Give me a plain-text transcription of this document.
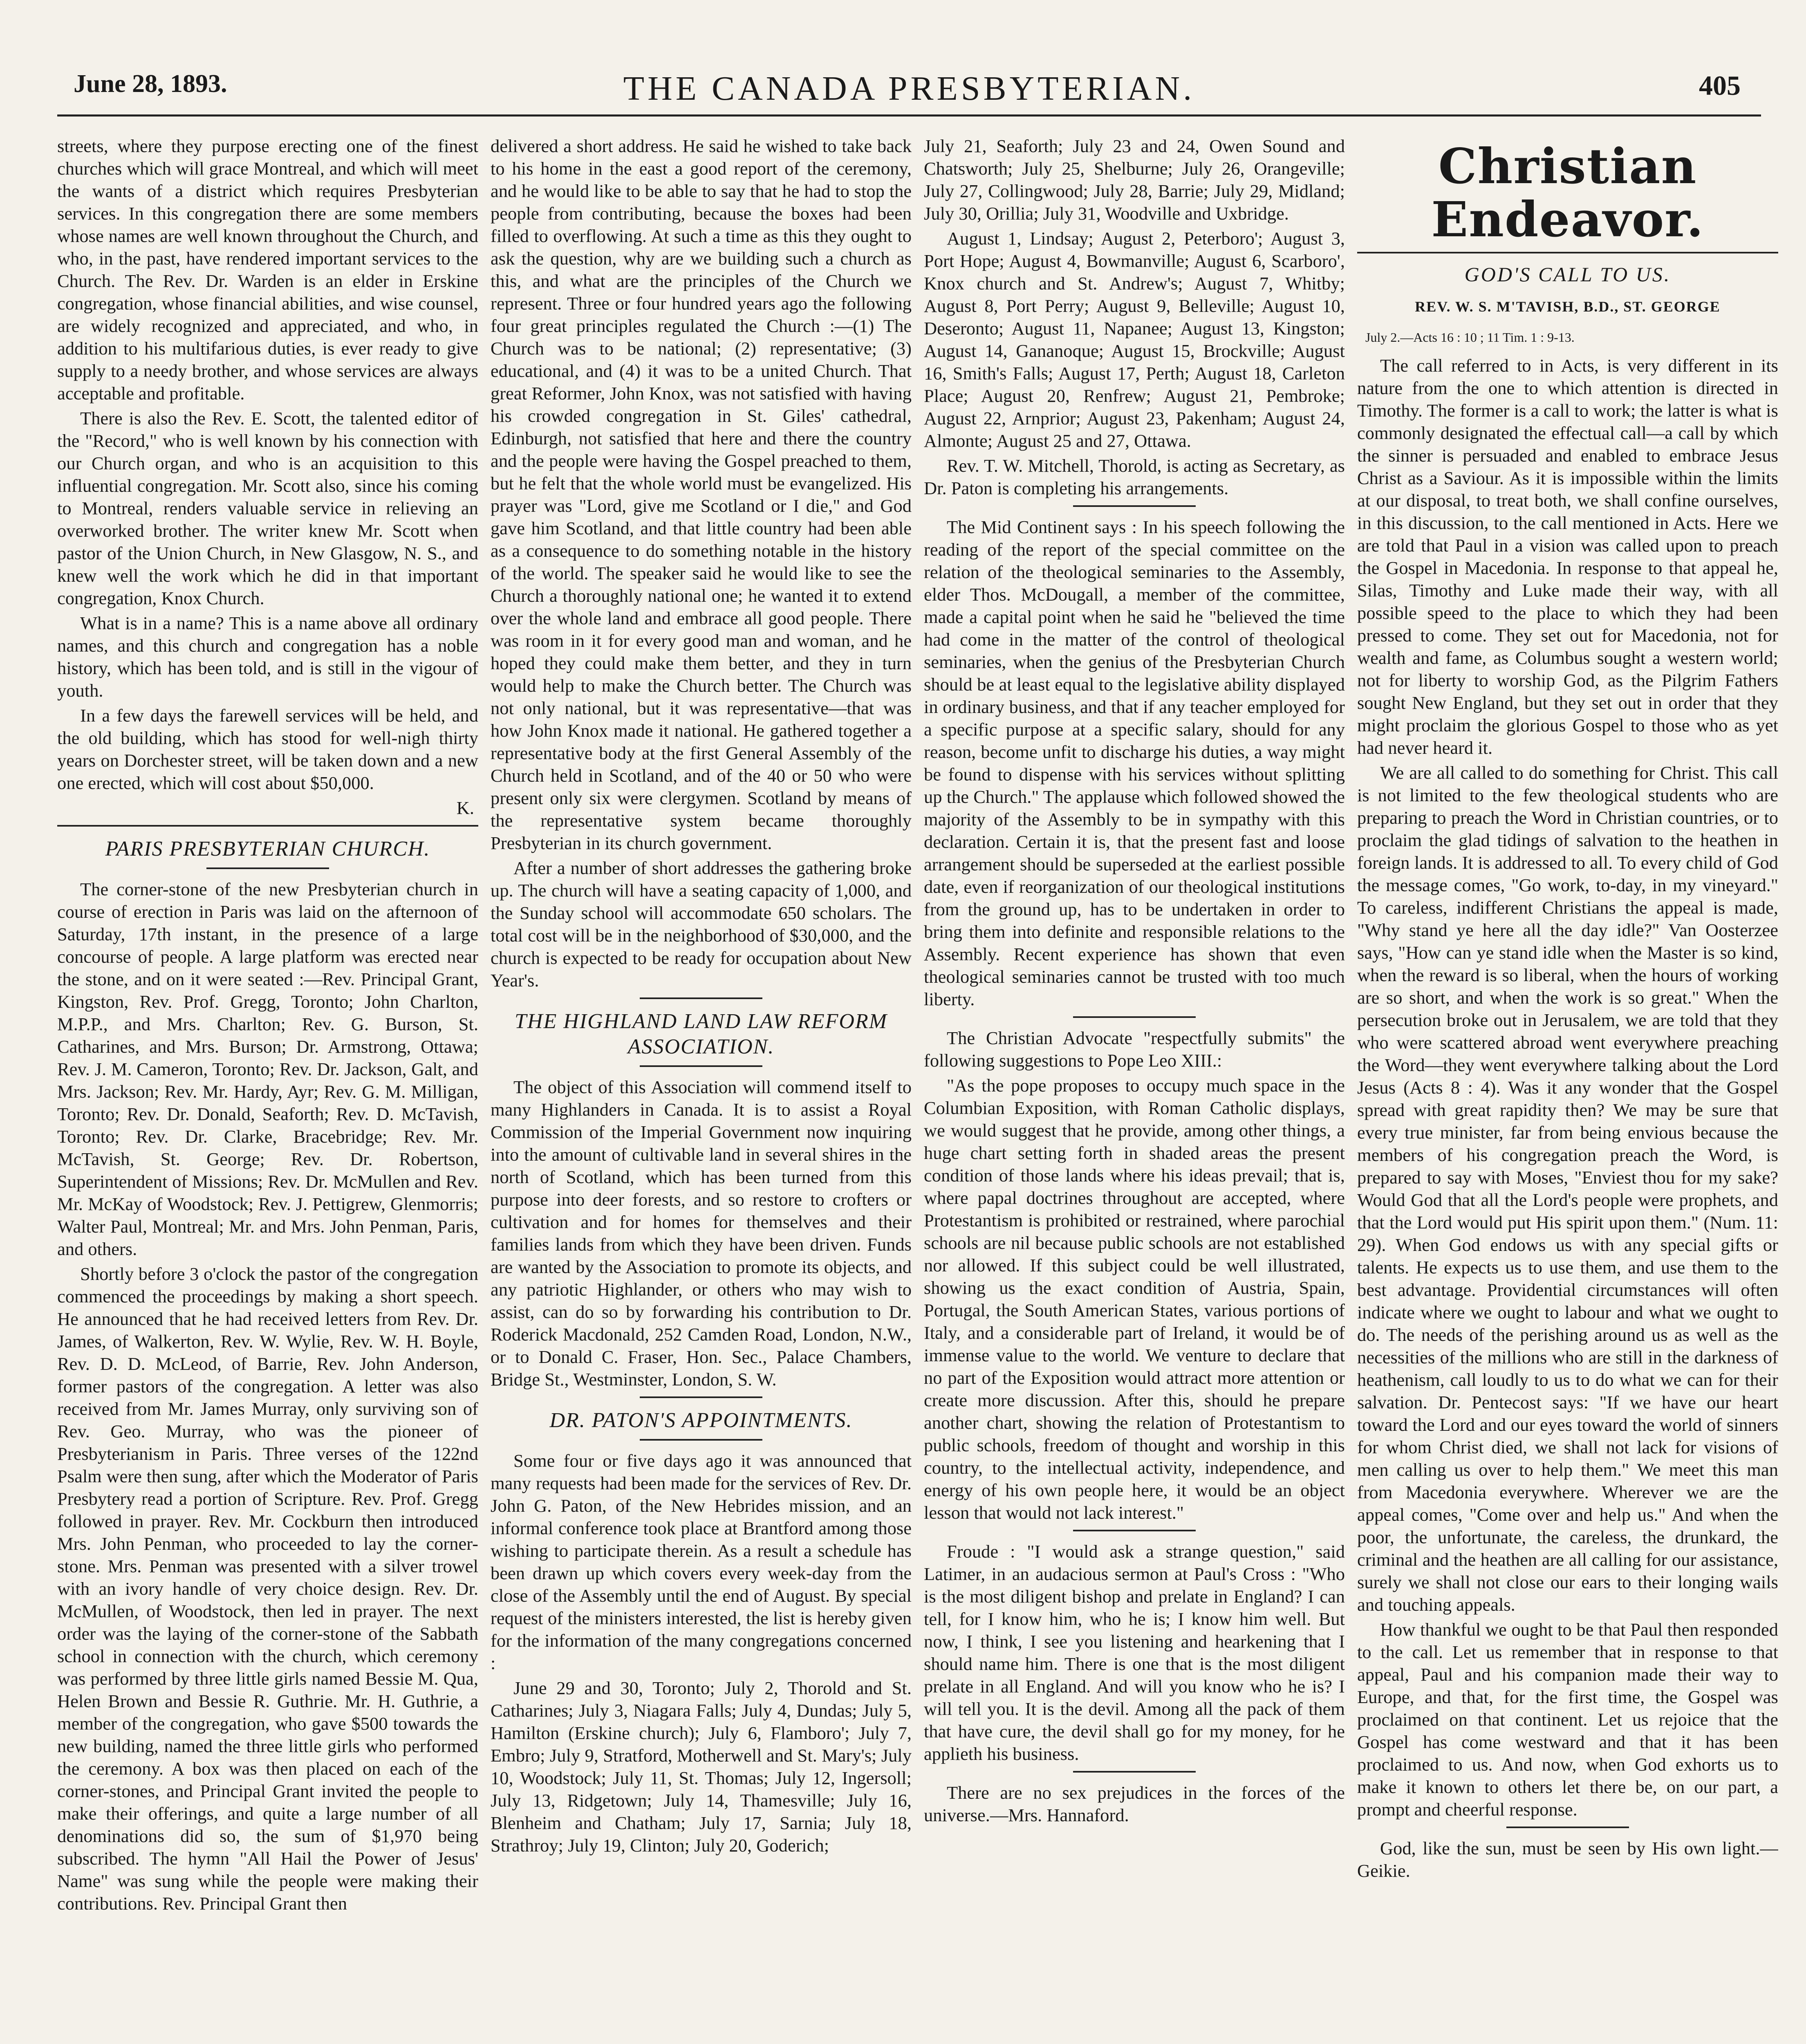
June 28, 1893.	THE CANADA PRESBYTERIAN.	405

streets, where they purpose erecting one of the finest churches which will grace Montreal, and which will meet the wants of a district which requires Presbyterian services. In this congregation there are some members whose names are well known throughout the Church, and who, in the past, have rendered important services to the Church. The Rev. Dr. Warden is an elder in Erskine congregation, whose financial abilities, and wise counsel, are widely recognized and appreciated, and who, in addition to his multifarious duties, is ever ready to give supply to a needy brother, and whose services are always acceptable and profitable.

There is also the Rev. E. Scott, the talented editor of the "Record," who is well known by his connection with our Church organ, and who is an acquisition to this influential congregation. Mr. Scott also, since his coming to Montreal, renders valuable service in relieving an overworked brother. The writer knew Mr. Scott when pastor of the Union Church, in New Glasgow, N. S., and knew well the work which he did in that important congregation, Knox Church.

What is in a name? This is a name above all ordinary names, and this church and congregation has a noble history, which has been told, and is still in the vigour of youth.

In a few days the farewell services will be held, and the old building, which has stood for well-nigh thirty years on Dorchester street, will be taken down and a new one erected, which will cost about $50,000.

K.
PARIS PRESBYTERIAN CHURCH.

The corner-stone of the new Presbyterian church in course of erection in Paris was laid on the afternoon of Saturday, 17th instant, in the presence of a large concourse of people. A large platform was erected near the stone, and on it were seated :—Rev. Principal Grant, Kingston, Rev. Prof. Gregg, Toronto; John Charlton, M.P.P., and Mrs. Charlton; Rev. G. Burson, St. Catharines, and Mrs. Burson; Dr. Armstrong, Ottawa; Rev. J. M. Cameron, Toronto; Rev. Dr. Jackson, Galt, and Mrs. Jackson; Rev. Mr. Hardy, Ayr; Rev. G. M. Milligan, Toronto; Rev. Dr. Donald, Seaforth; Rev. D. McTavish, Toronto; Rev. Dr. Clarke, Bracebridge; Rev. Mr. McTavish, St. George; Rev. Dr. Robertson, Superintendent of Missions; Rev. Dr. McMullen and Rev. Mr. McKay of Woodstock; Rev. J. Pettigrew, Glenmorris; Walter Paul, Montreal; Mr. and Mrs. John Penman, Paris, and others.

Shortly before 3 o'clock the pastor of the congregation commenced the proceedings by making a short speech. He announced that he had received letters from Rev. Dr. James, of Walkerton, Rev. W. Wylie, Rev. W. H. Boyle, Rev. D. D. McLeod, of Barrie, Rev. John Anderson, former pastors of the congregation. A letter was also received from Mr. James Murray, only surviving son of Rev. Geo. Murray, who was the pioneer of Presbyterianism in Paris. Three verses of the 122nd Psalm were then sung, after which the Moderator of Paris Presbytery read a portion of Scripture. Rev. Prof. Gregg followed in prayer. Rev. Mr. Cockburn then introduced Mrs. John Penman, who proceeded to lay the corner-stone. Mrs. Penman was presented with a silver trowel with an ivory handle of very choice design. Rev. Dr. McMullen, of Woodstock, then led in prayer. The next order was the laying of the corner-stone of the Sabbath school in connection with the church, which ceremony was performed by three little girls named Bessie M. Qua, Helen Brown and Bessie R. Guthrie. Mr. H. Guthrie, a member of the congregation, who gave $500 towards the new building, named the three little girls who performed the ceremony. A box was then placed on each of the corner-stones, and Principal Grant invited the people to make their offerings, and quite a large number of all denominations did so, the sum of $1,970 being subscribed. The hymn "All Hail the Power of Jesus' Name" was sung while the people were making their contributions. Rev. Principal Grant then

delivered a short address. He said he wished to take back to his home in the east a good report of the ceremony, and he would like to be able to say that he had to stop the people from contributing, because the boxes had been filled to overflowing. At such a time as this they ought to ask the question, why are we building such a church as this, and what are the principles of the Church we represent. Three or four hundred years ago the following four great principles regulated the Church :—(1) The Church was to be national; (2) representative; (3) educational, and (4) it was to be a united Church. That great Reformer, John Knox, was not satisfied with having his crowded congregation in St. Giles' cathedral, Edinburgh, not satisfied that here and there the country and the people were having the Gospel preached to them, but he felt that the whole world must be evangelized. His prayer was "Lord, give me Scotland or I die," and God gave him Scotland, and that little country had been able as a consequence to do something notable in the history of the world. The speaker said he would like to see the Church a thoroughly national one; he wanted it to extend over the whole land and embrace all good people. There was room in it for every good man and woman, and he hoped they could make them better, and they in turn would help to make the Church better. The Church was not only national, but it was representative—that was how John Knox made it national. He gathered together a representative body at the first General Assembly of the Church held in Scotland, and of the 40 or 50 who were present only six were clergymen. Scotland by means of the representative system became thoroughly Presbyterian in its church government.

After a number of short addresses the gathering broke up. The church will have a seating capacity of 1,000, and the Sunday school will accommodate 650 scholars. The total cost will be in the neighborhood of $30,000, and the church is expected to be ready for occupation about New Year's.

THE HIGHLAND LAND LAW REFORM ASSOCIATION.

The object of this Association will commend itself to many Highlanders in Canada. It is to assist a Royal Commission of the Imperial Government now inquiring into the amount of cultivable land in several shires in the north of Scotland, which has been turned from this purpose into deer forests, and so restore to crofters or cultivation and for homes for themselves and their families lands from which they have been driven. Funds are wanted by the Association to promote its objects, and any patriotic Highlander, or others who may wish to assist, can do so by forwarding his contribution to Dr. Roderick Macdonald, 252 Camden Road, London, N.W., or to Donald C. Fraser, Hon. Sec., Palace Chambers, Bridge St., Westminster, London, S. W.

DR. PATON'S APPOINTMENTS.

Some four or five days ago it was announced that many requests had been made for the services of Rev. Dr. John G. Paton, of the New Hebrides mission, and an informal conference took place at Brantford among those wishing to participate therein. As a result a schedule has been drawn up which covers every week-day from the close of the Assembly until the end of August. By special request of the ministers interested, the list is hereby given for the information of the many congregations concerned :

June 29 and 30, Toronto; July 2, Thorold and St. Catharines; July 3, Niagara Falls; July 4, Dundas; July 5, Hamilton (Erskine church); July 6, Flamboro'; July 7, Embro; July 9, Stratford, Motherwell and St. Mary's; July 10, Woodstock; July 11, St. Thomas; July 12, Ingersoll; July 13, Ridgetown; July 14, Thamesville; July 16, Blenheim and Chatham; July 17, Sarnia; July 18, Strathroy; July 19, Clinton; July 20, Goderich;

July 21, Seaforth; July 23 and 24, Owen Sound and Chatsworth; July 25, Shelburne; July 26, Orangeville; July 27, Collingwood; July 28, Barrie; July 29, Midland; July 30, Orillia; July 31, Woodville and Uxbridge.

August 1, Lindsay; August 2, Peterboro'; August 3, Port Hope; August 4, Bowmanville; August 6, Scarboro', Knox church and St. Andrew's; August 7, Whitby; August 8, Port Perry; August 9, Belleville; August 10, Deseronto; August 11, Napanee; August 13, Kingston; August 14, Gananoque; August 15, Brockville; August 16, Smith's Falls; August 17, Perth; August 18, Carleton Place; August 20, Renfrew; August 21, Pembroke; August 22, Arnprior; August 23, Pakenham; August 24, Almonte; August 25 and 27, Ottawa.

Rev. T. W. Mitchell, Thorold, is acting as Secretary, as Dr. Paton is completing his arrangements.

The Mid Continent says : In his speech following the reading of the report of the special committee on the relation of the theological seminaries to the Assembly, elder Thos. McDougall, a member of the committee, made a capital point when he said he "believed the time had come in the matter of the control of theological seminaries, when the genius of the Presbyterian Church should be at least equal to the legislative ability displayed in ordinary business, and that if any teacher employed for a specific purpose at a specific salary, should for any reason, become unfit to discharge his duties, a way might be found to dispense with his services without splitting up the Church." The applause which followed showed the majority of the Assembly to be in sympathy with this declaration. Certain it is, that the present fast and loose arrangement should be superseded at the earliest possible date, even if reorganization of our theological institutions from the ground up, has to be undertaken in order to bring them into definite and responsible relations to the Assembly. Recent experience has shown that even theological seminaries cannot be trusted with too much liberty.

The Christian Advocate "respectfully submits" the following suggestions to Pope Leo XIII.:

"As the pope proposes to occupy much space in the Columbian Exposition, with Roman Catholic displays, we would suggest that he provide, among other things, a huge chart setting forth in shaded areas the present condition of those lands where his ideas prevail; that is, where papal doctrines throughout are accepted, where Protestantism is prohibited or restrained, where parochial schools are nil because public schools are not established nor allowed. If this subject could be well illustrated, showing us the exact condition of Austria, Spain, Portugal, the South American States, various portions of Italy, and a considerable part of Ireland, it would be of immense value to the world. We venture to declare that no part of the Exposition would attract more attention or create more discussion. After this, should he prepare another chart, showing the relation of Protestantism to public schools, freedom of thought and worship in this country, to the intellectual activity, independence, and energy of his own people here, it would be an object lesson that would not lack interest."

Froude : "I would ask a strange question," said Latimer, in an audacious sermon at Paul's Cross : "Who is the most diligent bishop and prelate in England? I can tell, for I know him, who he is; I know him well. But now, I think, I see you listening and hearkening that I should name him. There is one that is the most diligent prelate in all England. And will you know who he is? I will tell you. It is the devil. Among all the pack of them that have cure, the devil shall go for my money, for he applieth his business.

There are no sex prejudices in the forces of the universe.—Mrs. Hannaford.

Christian Endeavor.
GOD'S CALL TO US.
REV. W. S. M'TAVISH, B.D., ST. GEORGE
July 2.—Acts 16 : 10 ; 11 Tim. 1 : 9-13.

The call referred to in Acts, is very different in its nature from the one to which attention is directed in Timothy. The former is a call to work; the latter is what is commonly designated the effectual call—a call by which the sinner is persuaded and enabled to embrace Jesus Christ as a Saviour. As it is impossible within the limits at our disposal, to treat both, we shall confine ourselves, in this discussion, to the call mentioned in Acts. Here we are told that Paul in a vision was called upon to preach the Gospel in Macedonia. In response to that appeal he, Silas, Timothy and Luke made their way, with all possible speed to the place to which they had been pressed to come. They set out for Macedonia, not for wealth and fame, as Columbus sought a western world; not for liberty to worship God, as the Pilgrim Fathers sought New England, but they set out in order that they might proclaim the glorious Gospel to those who as yet had never heard it.

We are all called to do something for Christ. This call is not limited to the few theological students who are preparing to preach the Word in Christian countries, or to proclaim the glad tidings of salvation to the heathen in foreign lands. It is addressed to all. To every child of God the message comes, "Go work, to-day, in my vineyard." To careless, indifferent Christians the appeal is made, "Why stand ye here all the day idle?" Van Oosterzee says, "How can ye stand idle when the Master is so kind, when the reward is so liberal, when the hours of working are so short, and when the work is so great." When the persecution broke out in Jerusalem, we are told that they who were scattered abroad went everywhere preaching the Word—they went everywhere talking about the Lord Jesus (Acts 8 : 4). Was it any wonder that the Gospel spread with great rapidity then? We may be sure that every true minister, far from being envious because the members of his congregation preach the Word, is prepared to say with Moses, "Enviest thou for my sake? Would God that all the Lord's people were prophets, and that the Lord would put His spirit upon them." (Num. 11: 29). When God endows us with any special gifts or talents. He expects us to use them, and use them to the best advantage. Providential circumstances will often indicate where we ought to labour and what we ought to do. The needs of the perishing around us as well as the necessities of the millions who are still in the darkness of heathenism, call loudly to us to do what we can for their salvation. Dr. Pentecost says: "If we have our heart toward the Lord and our eyes toward the world of sinners for whom Christ died, we shall not lack for visions of men calling us over to help them." We meet this man from Macedonia everywhere. Wherever we are the appeal comes, "Come over and help us." And when the poor, the unfortunate, the careless, the drunkard, the criminal and the heathen are all calling for our assistance, surely we shall not close our ears to their longing wails and touching appeals.

How thankful we ought to be that Paul then responded to the call. Let us remember that in response to that appeal, Paul and his companion made their way to Europe, and that, for the first time, the Gospel was proclaimed on that continent. Let us rejoice that the Gospel has come westward and that it has been proclaimed to us. And now, when God exhorts us to make it known to others let there be, on our part, a prompt and cheerful response.

God, like the sun, must be seen by His own light.—Geikie.
